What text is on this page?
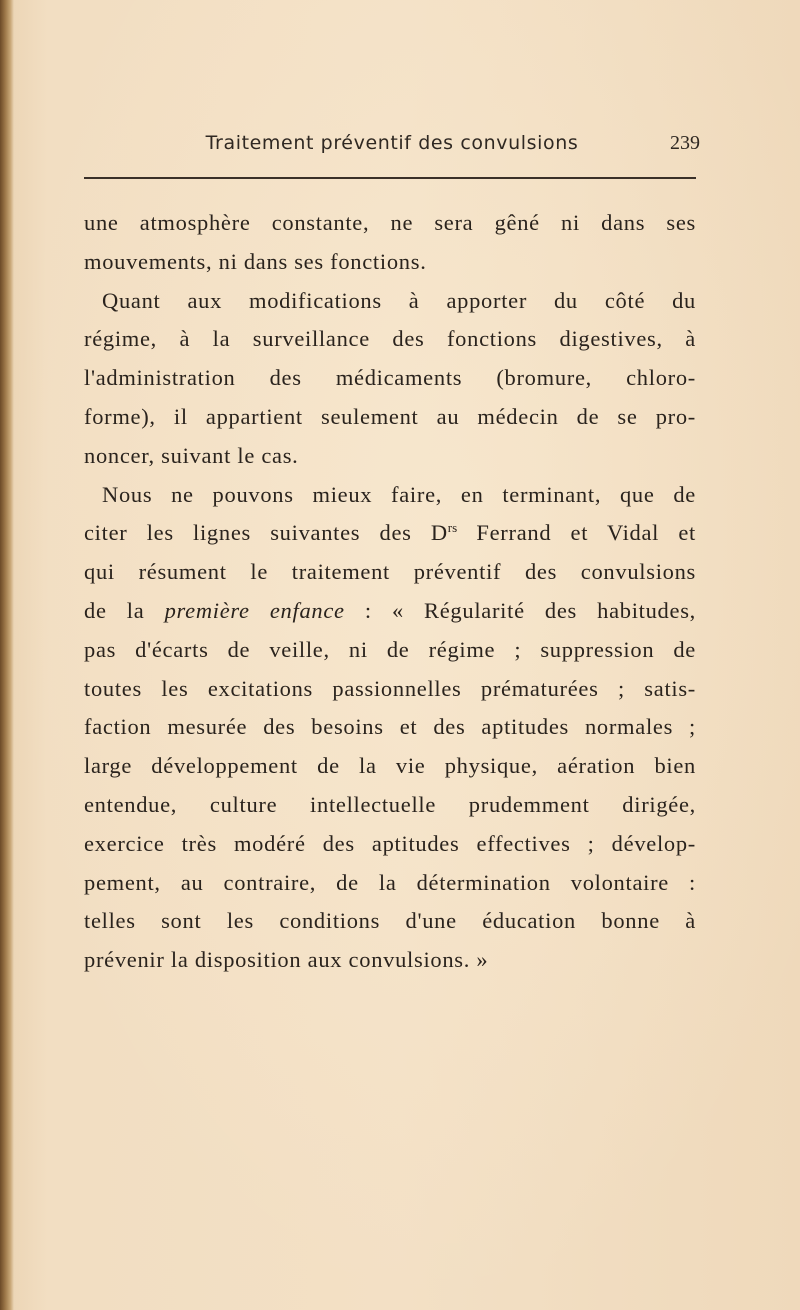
Traitement préventif des convulsions	239
une atmosphère constante, ne sera gêné ni dans ses
mouvements, ni dans ses fonctions.
Quant aux modifications à apporter du côté du
régime, à la surveillance des fonctions digestives, à
l'administration des médicaments (bromure, chloro-
forme), il appartient seulement au médecin de se pro-
noncer, suivant le cas.
Nous ne pouvons mieux faire, en terminant, que de
citer les lignes suivantes des $D^{rs}$ Ferrand et Vidal et
qui résument le traitement préventif des convulsions
de la première enfance : « Régularité des habitudes,
pas d'écarts de veille, ni de régime ; suppression de
toutes les excitations passionnelles prématurées ; satis-
faction mesurée des besoins et des aptitudes normales ;
large développement de la vie physique, aération bien
entendue, culture intellectuelle prudemment dirigée,
exercice très modéré des aptitudes effectives ; dévelop-
pement, au contraire, de la détermination volontaire :
telles sont les conditions d'une éducation bonne à
prévenir la disposition aux convulsions. »
